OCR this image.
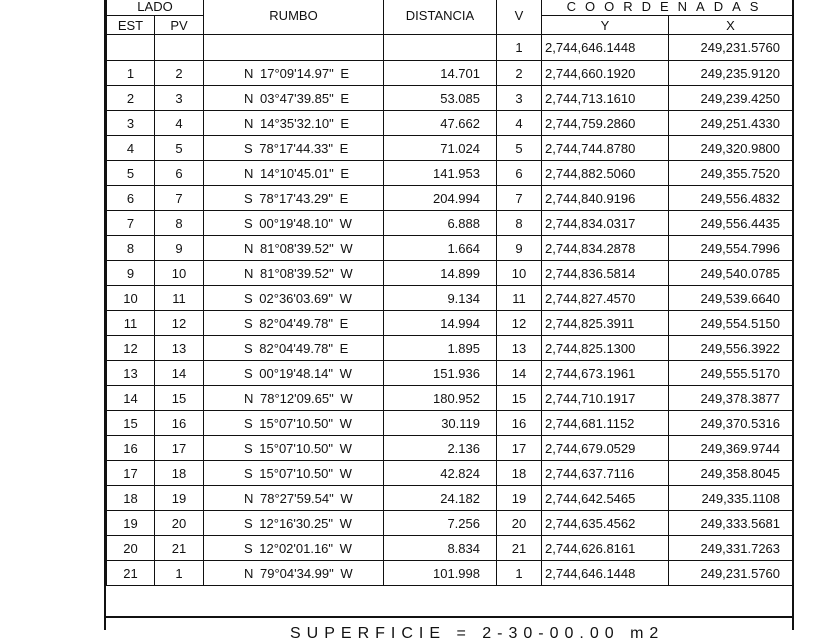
LADO		RUMBO	DISTANCIA	V	COORDENADAS	
EST	PV				Y	X
				1	2,744,646.1448	249,231.5760
1	2	N 17°09'14.97" E	14.701	2	2,744,660.1920	249,235.9120
2	3	N 03°47'39.85" E	53.085	3	2,744,713.1610	249,239.4250
3	4	N 14°35'32.10" E	47.662	4	2,744,759.2860	249,251.4330
4	5	S 78°17'44.33" E	71.024	5	2,744,744.8780	249,320.9800
5	6	N 14°10'45.01" E	141.953	6	2,744,882.5060	249,355.7520
6	7	S 78°17'43.29" E	204.994	7	2,744,840.9196	249,556.4832
7	8	S 00°19'48.10" W	6.888	8	2,744,834.0317	249,556.4435
8	9	N 81°08'39.52" W	1.664	9	2,744,834.2878	249,554.7996
9	10	N 81°08'39.52" W	14.899	10	2,744,836.5814	249,540.0785
10	11	S 02°36'03.69" W	9.134	11	2,744,827.4570	249,539.6640
11	12	S 82°04'49.78" E	14.994	12	2,744,825.3911	249,554.5150
12	13	S 82°04'49.78" E	1.895	13	2,744,825.1300	249,556.3922
13	14	S 00°19'48.14" W	151.936	14	2,744,673.1961	249,555.5170
14	15	N 78°12'09.65" W	180.952	15	2,744,710.1917	249,378.3877
15	16	S 15°07'10.50" W	30.119	16	2,744,681.1152	249,370.5316
16	17	S 15°07'10.50" W	2.136	17	2,744,679.0529	249,369.9744
17	18	S 15°07'10.50" W	42.824	18	2,744,637.7116	249,358.8045
18	19	N 78°27'59.54" W	24.182	19	2,744,642.5465	249,335.1108
19	20	S 12°16'30.25" W	7.256	20	2,744,635.4562	249,333.5681
20	21	S 12°02'01.16" W	8.834	21	2,744,626.8161	249,331.7263
21	1	N 79°04'34.99" W	101.998	1	2,744,646.1448	249,231.5760
SUPERFICIE = 2-30-00.00 m2
